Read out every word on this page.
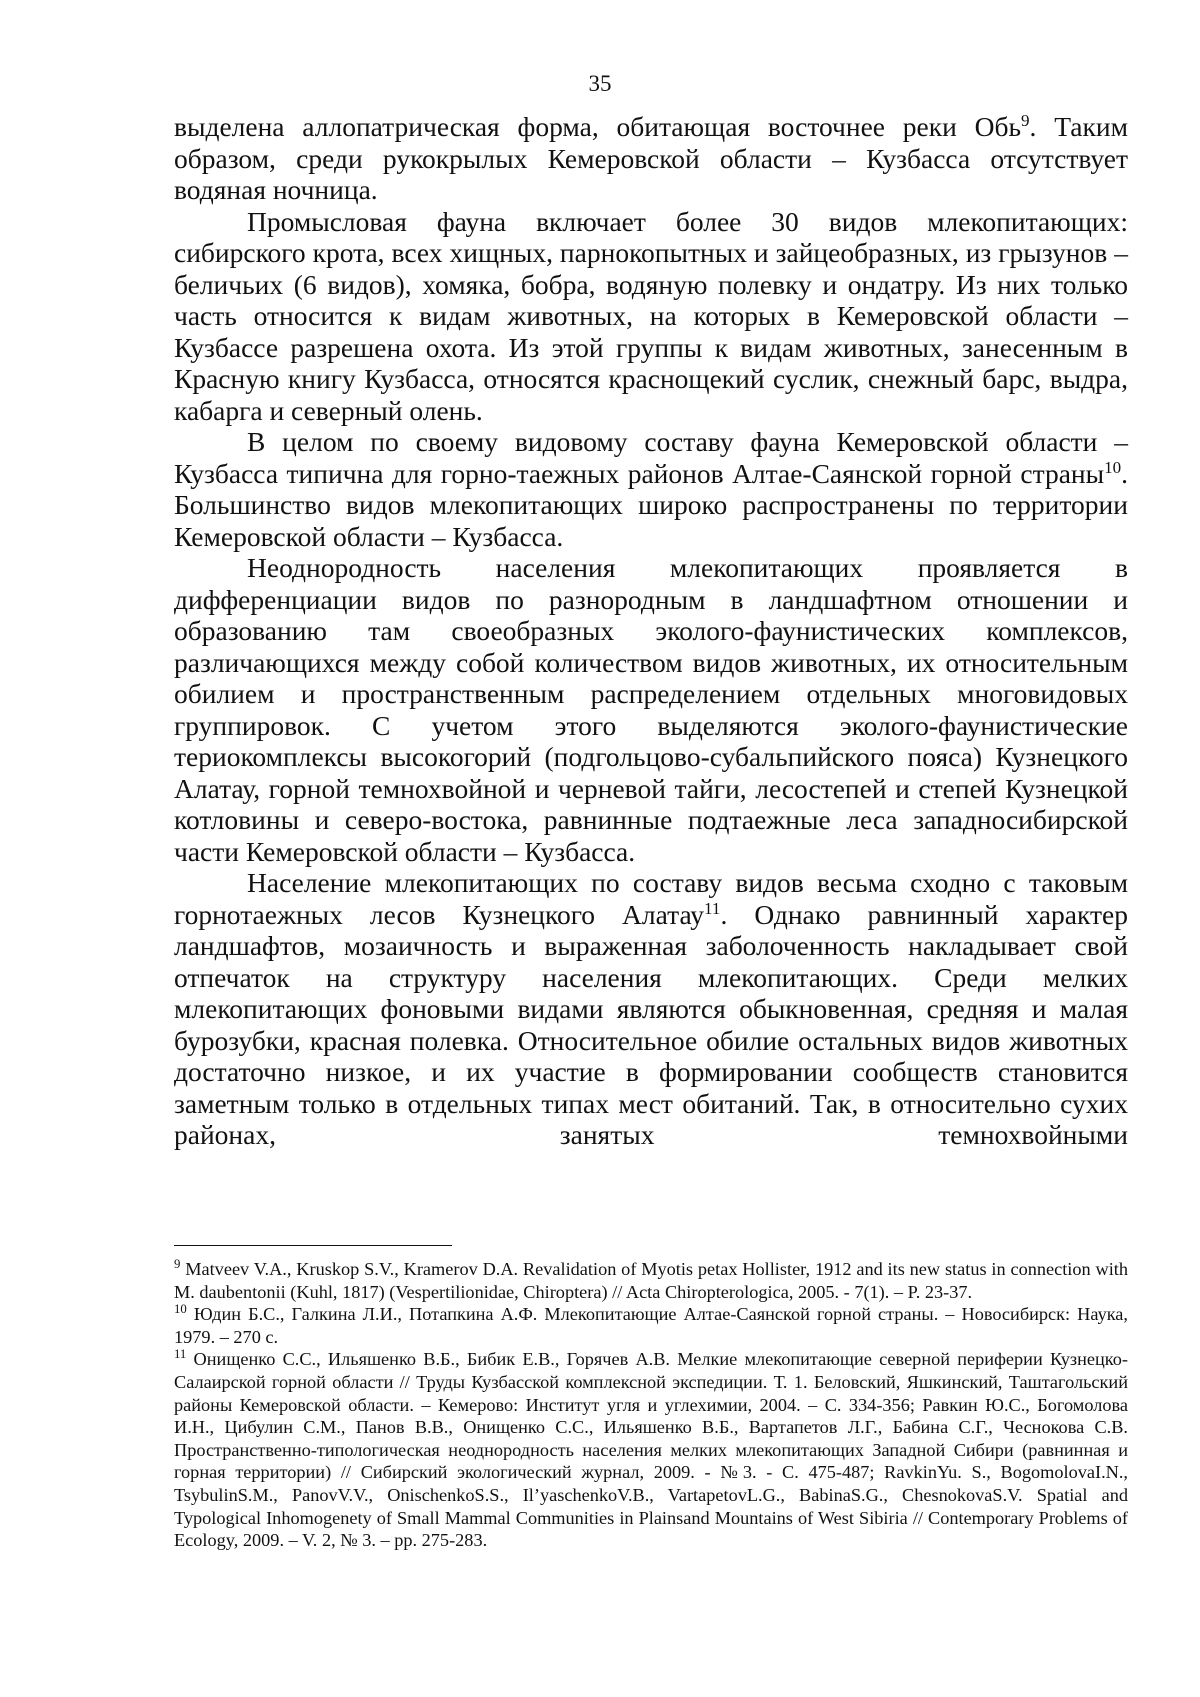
35

выделена аллопатрическая форма, обитающая восточнее реки Обь$^9$. Таким образом, среди рукокрылых Кемеровской области – Кузбасса отсутствует водяная ночница.

Промысловая фауна включает более 30 видов млекопитающих: сибирского крота, всех хищных, парнокопытных и зайцеобразных, из грызунов – беличьих (6 видов), хомяка, бобра, водяную полевку и ондатру. Из них только часть относится к видам животных, на которых в Кемеровской области – Кузбассе разрешена охота. Из этой группы к видам животных, занесенным в Красную книгу Кузбасса, относятся краснощекий суслик, снежный барс, выдра, кабарга и северный олень.

В целом по своему видовому составу фауна Кемеровской области – Кузбасса типична для горно-таежных районов Алтае-Саянской горной страны$^{10}$. Большинство видов млекопитающих широко распространены по территории Кемеровской области – Кузбасса.

Неоднородность населения млекопитающих проявляется в дифференциации видов по разнородным в ландшафтном отношении и образованию там своеобразных эколого-фаунистических комплексов, различающихся между собой количеством видов животных, их относительным обилием и пространственным распределением отдельных многовидовых группировок. С учетом этого выделяются эколого-фаунистические териокомплексы высокогорий (подгольцово-субальпийского пояса) Кузнецкого Алатау, горной темнохвойной и черневой тайги, лесостепей и степей Кузнецкой котловины и северо-востока, равнинные подтаежные леса западносибирской части Кемеровской области – Кузбасса.

Население млекопитающих по составу видов весьма сходно с таковым горнотаежных лесов Кузнецкого Алатау$^{11}$. Однако равнинный характер ландшафтов, мозаичность и выраженная заболоченность накладывает свой отпечаток на структуру населения млекопитающих. Среди мелких млекопитающих фоновыми видами являются обыкновенная, средняя и малая бурозубки, красная полевка. Относительное обилие остальных видов животных достаточно низкое, и их участие в формировании сообществ становится заметным только в отдельных типах мест обитаний. Так, в относительно сухих районах, занятых темнохвойными

$^9$ Matveev V.A., Kruskop S.V., Kramerov D.A. Revalidation of Myotis petax Hollister, 1912 and its new status in connection with M. daubentonii (Kuhl, 1817) (Vespertilionidae, Chiroptera) // Acta Chiropterologica, 2005. - 7(1). – P. 23-37.

$^{10}$ Юдин Б.С., Галкина Л.И., Потапкина А.Ф. Млекопитающие Алтае-Саянской горной страны. – Новосибирск: Наука, 1979. – 270 с.

$^{11}$ Онищенко С.С., Ильяшенко В.Б., Бибик Е.В., Горячев А.В. Мелкие млекопитающие северной периферии Кузнецко-Салаирской горной области // Труды Кузбасской комплексной экспедиции. Т. 1. Беловский, Яшкинский, Таштагольский районы Кемеровской области. – Кемерово: Институт угля и углехимии, 2004. – С. 334-356; Равкин Ю.С., Богомолова И.Н., Цибулин С.М., Панов В.В., Онищенко С.С., Ильяшенко В.Б., Вартапетов Л.Г., Бабина С.Г., Чеснокова С.В. Пространственно-типологическая неоднородность населения мелких млекопитающих Западной Сибири (равнинная и горная территории) // Сибирский экологический журнал, 2009. - №3. - С. 475-487; RavkinYu. S., BogomolovaI.N., TsybulinS.M., PanovV.V., OnischenkoS.S., Il’yaschenkoV.B., VartapetovL.G., BabinaS.G., ChesnokovaS.V. Spatial and Typological Inhomogenety of Small Mammal Communities in Plainsand Mountains of West Sibiria // Contemporary Problems of Ecology, 2009. – V. 2, № 3. – pp. 275-283.
